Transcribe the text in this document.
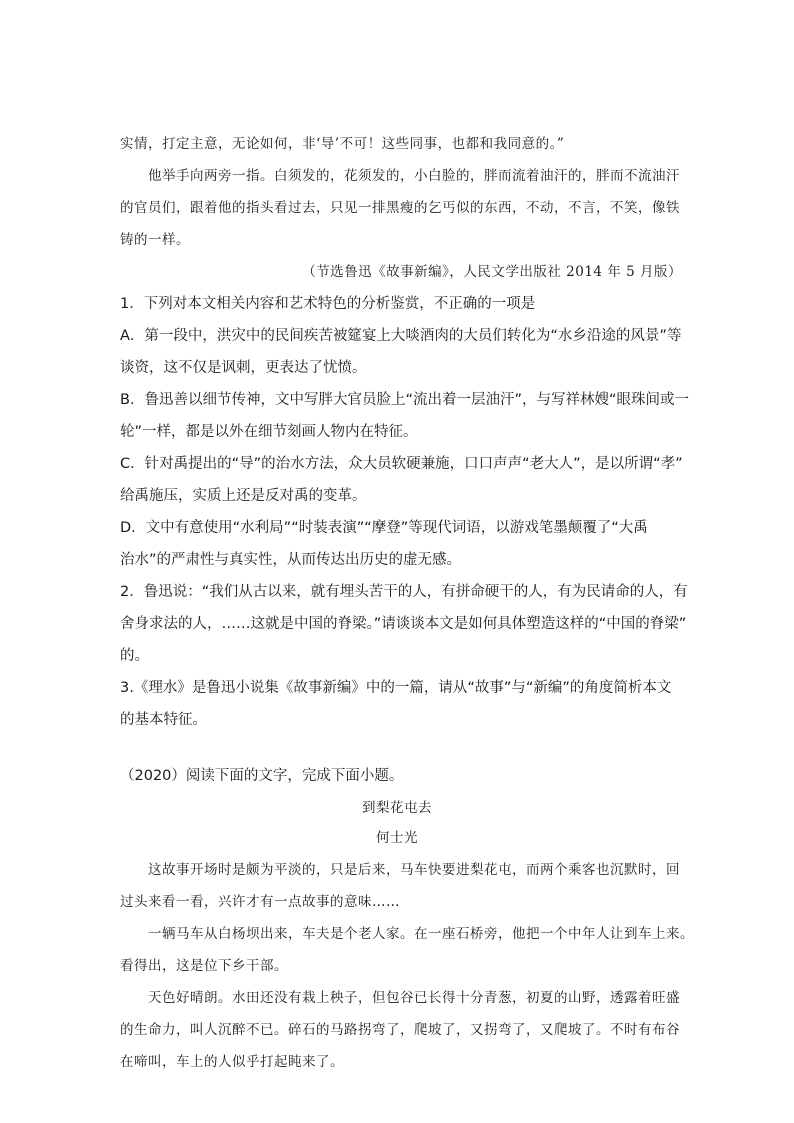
实情，打定主意，无论如何，非‘导’不可！这些同事，也都和我同意的。”
他举手向两旁一指。白须发的，花须发的，小白脸的，胖而流着油汗的，胖而不流油汗
的官员们，跟着他的指头看过去，只见一排黑瘦的乞丐似的东西，不动，不言，不笑，像铁
铸的一样。
（节选鲁迅《故事新编》，人民文学出版社 2014 年 5 月版）
1．下列对本文相关内容和艺术特色的分析鉴赏，不正确的一项是
A．第一段中，洪灾中的民间疾苦被筵宴上大啖酒肉的大员们转化为“水乡沿途的风景”等
谈资，这不仅是讽刺，更表达了忧愤。
B．鲁迅善以细节传神，文中写胖大官员脸上“流出着一层油汗”，与写祥林嫂“眼珠间或一
轮”一样，都是以外在细节刻画人物内在特征。
C．针对禹提出的“导”的治水方法，众大员软硬兼施，口口声声“老大人”，是以所谓“孝”
给禹施压，实质上还是反对禹的变革。
D．文中有意使用“水利局”“时装表演”“摩登”等现代词语，以游戏笔墨颠覆了“大禹
治水”的严肃性与真实性，从而传达出历史的虚无感。
2．鲁迅说：“我们从古以来，就有埋头苦干的人，有拼命硬干的人，有为民请命的人，有
舍身求法的人，……这就是中国的脊梁。”请谈谈本文是如何具体塑造这样的“中国的脊梁”
的。
3.《理水》是鲁迅小说集《故事新编》中的一篇，请从“故事”与“新编”的角度简析本文
的基本特征。
（2020）阅读下面的文字，完成下面小题。
到梨花屯去
何士光
这故事开场时是颇为平淡的，只是后来，马车快要进梨花屯，而两个乘客也沉默时，回
过头来看一看，兴许才有一点故事的意味……
一辆马车从白杨坝出来，车夫是个老人家。在一座石桥旁，他把一个中年人让到车上来。
看得出，这是位下乡干部。
天色好晴朗。水田还没有栽上秧子，但包谷已长得十分青葱，初夏的山野，透露着旺盛
的生命力，叫人沉醉不已。碎石的马路拐弯了，爬坡了，又拐弯了，又爬坡了。不时有布谷
在啼叫，车上的人似乎打起盹来了。
